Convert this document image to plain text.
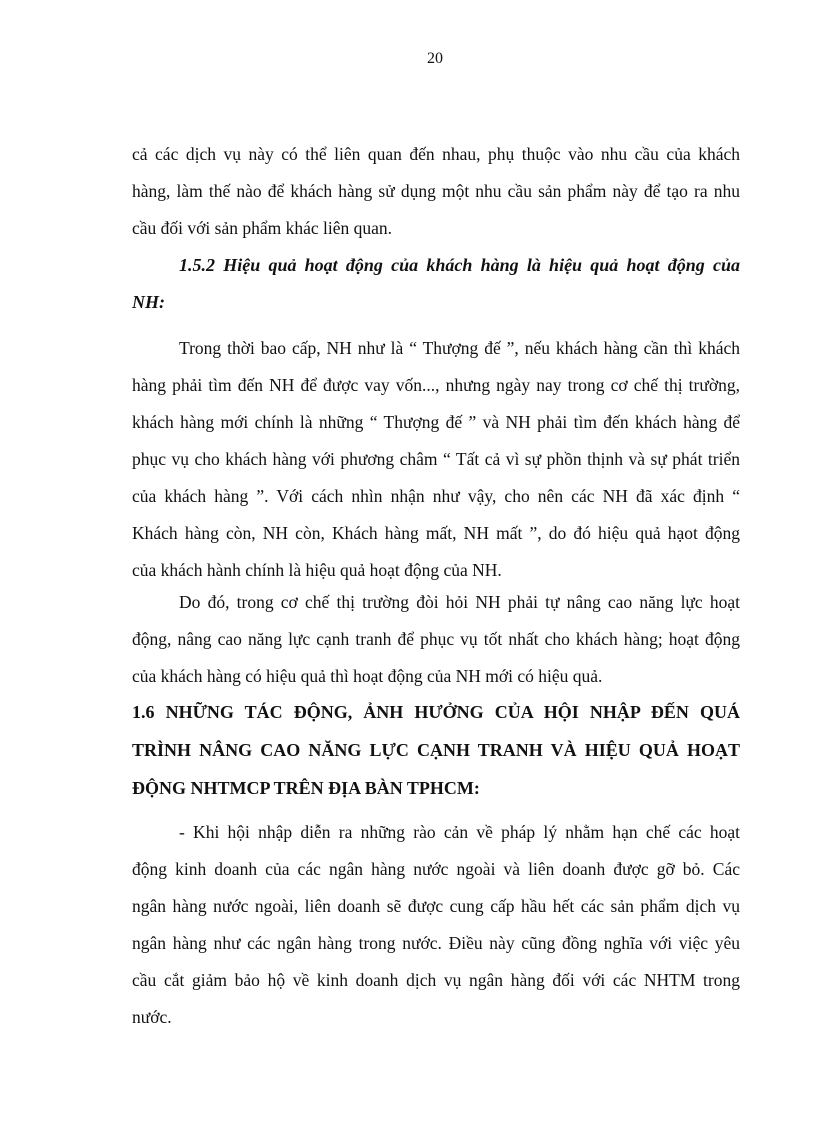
20
cả các dịch vụ này có thể liên quan đến nhau, phụ thuộc vào nhu cầu của khách
hàng, làm thế nào để khách hàng sử dụng một nhu cầu sản phẩm này để tạo ra nhu
cầu đối với sản phẩm khác liên quan.
1.5.2 Hiệu quả hoạt động của khách hàng là hiệu quả hoạt động của
NH:
Trong thời bao cấp, NH như là “ Thượng đế ”, nếu khách hàng cần thì khách
hàng phải tìm đến NH để được vay vốn..., nhưng ngày nay trong cơ chế thị trường,
khách hàng mới chính là những “ Thượng đế ” và NH phải tìm đến khách hàng để
phục vụ cho khách hàng với phương châm “ Tất cả vì sự phồn thịnh và sự phát triển
của khách hàng ”. Với cách nhìn nhận như vậy, cho nên các NH đã xác định “
Khách hàng còn, NH còn, Khách hàng mất, NH mất ”, do đó hiệu quả hạot động
của khách hành chính là hiệu quả hoạt động của NH.
Do đó, trong cơ chế thị trường đòi hỏi NH phải tự nâng cao năng lực hoạt
động, nâng cao năng lực cạnh tranh để phục vụ tốt nhất cho khách hàng; hoạt động
của khách hàng có hiệu quả thì hoạt động của NH mới có hiệu quả.
1.6 NHỮNG TÁC ĐỘNG, ẢNH HƯỞNG CỦA HỘI NHẬP ĐẾN QUÁ
TRÌNH NÂNG CAO NĂNG LỰC CẠNH TRANH VÀ HIỆU QUẢ HOẠT
ĐỘNG NHTMCP TRÊN ĐỊA BÀN TPHCM:
- Khi hội nhập diễn ra những rào cản về pháp lý nhằm hạn chế các hoạt
động kinh doanh của các ngân hàng nước ngoài và liên doanh được gỡ bỏ. Các
ngân hàng nước ngoài, liên doanh sẽ được cung cấp hầu hết các sản phẩm dịch vụ
ngân hàng như các ngân hàng trong nước. Điều này cũng đồng nghĩa với việc yêu
cầu cắt giảm bảo hộ về kinh doanh dịch vụ ngân hàng đối với các NHTM trong
nước.
